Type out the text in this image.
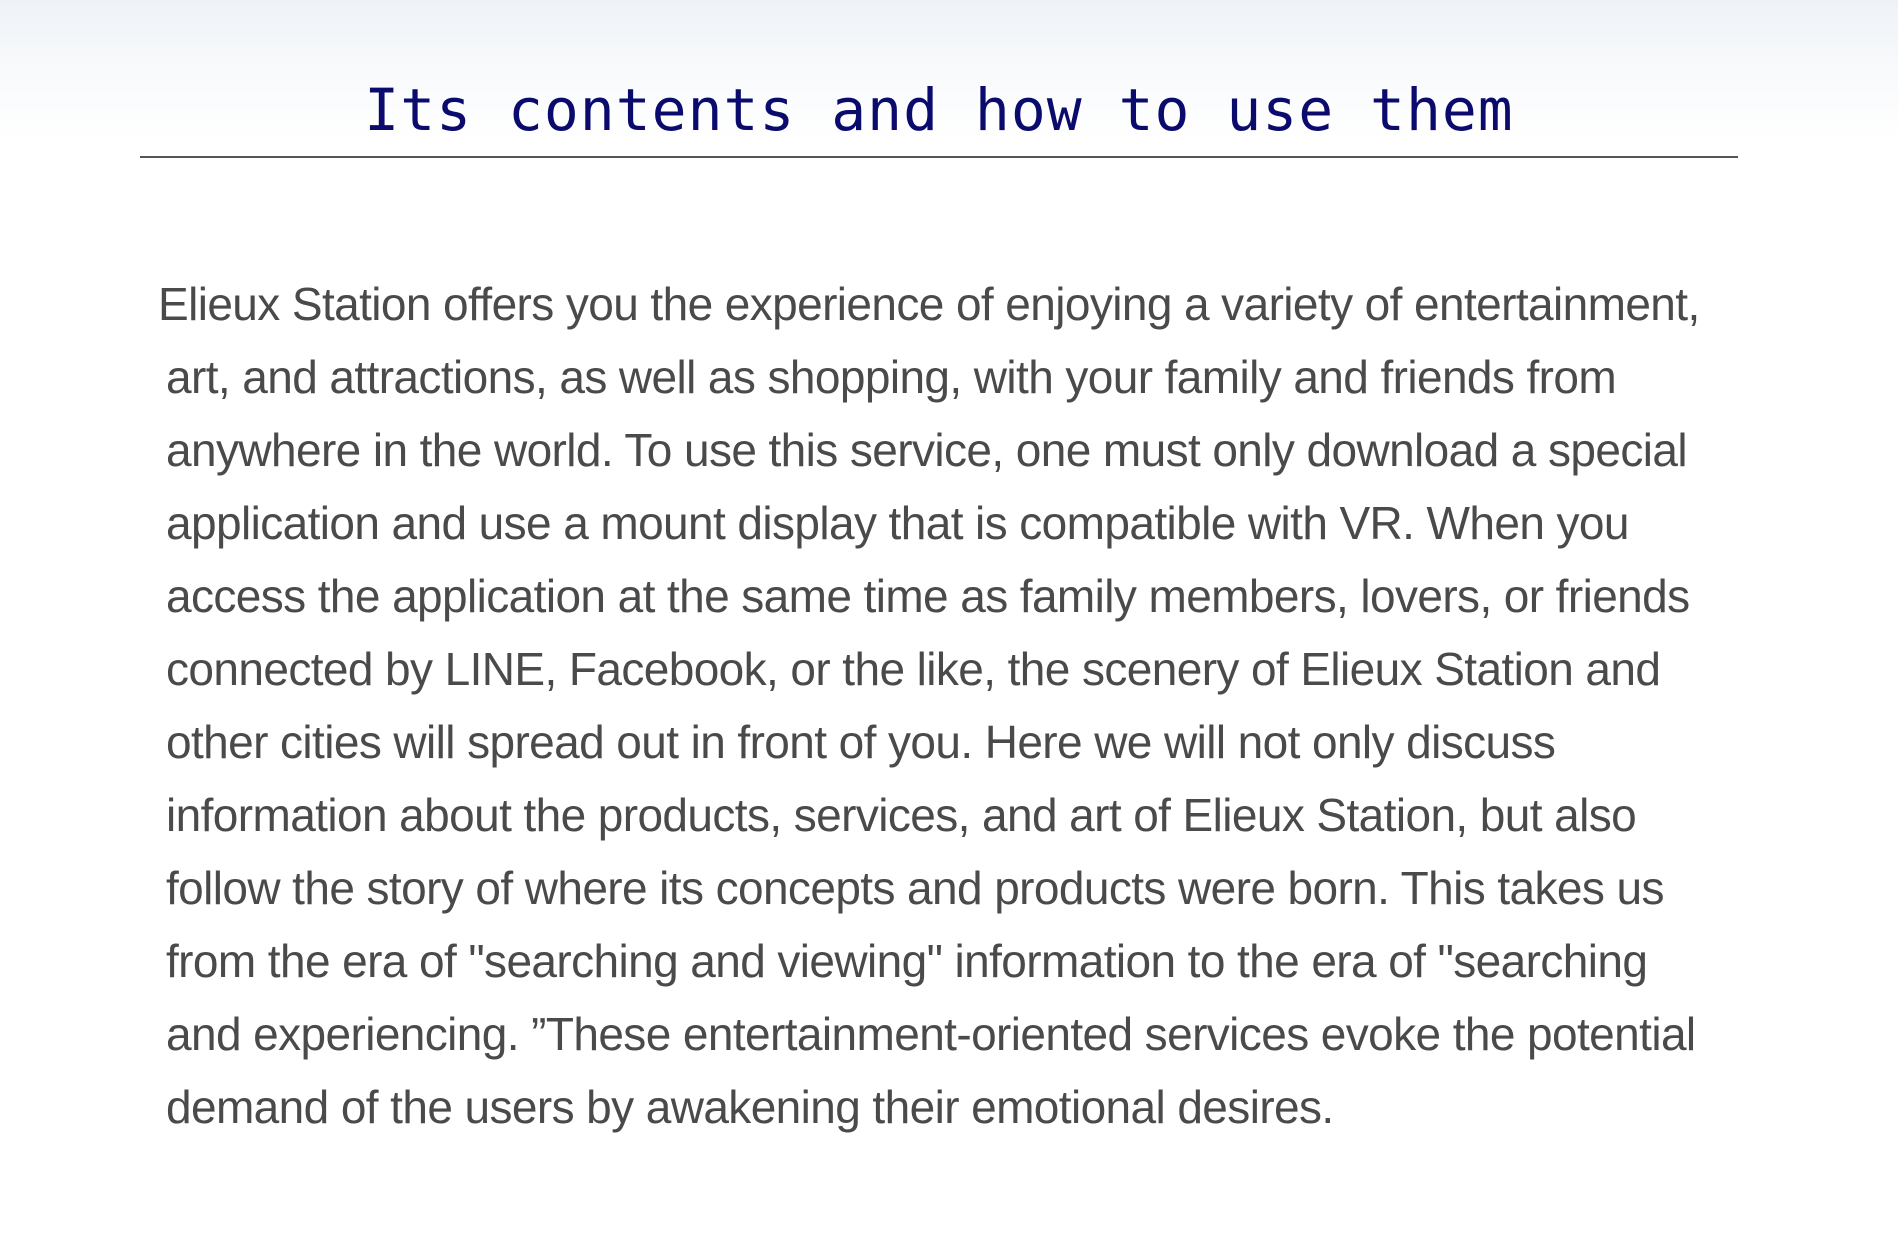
Its contents and how to use them

Elieux Station offers you the experience of enjoying a variety of entertainment,
art, and attractions, as well as shopping, with your family and friends from
anywhere in the world. To use this service, one must only download a special
application and use a mount display that is compatible with VR. When you
access the application at the same time as family members, lovers, or friends
connected by LINE, Facebook, or the like, the scenery of Elieux Station and
other cities will spread out in front of you. Here we will not only discuss
information about the products, services, and art of Elieux Station, but also
follow the story of where its concepts and products were born. This takes us
from the era of "searching and viewing" information to the era of "searching
and experiencing. ”These entertainment-oriented services evoke the potential
demand of the users by awakening their emotional desires.
